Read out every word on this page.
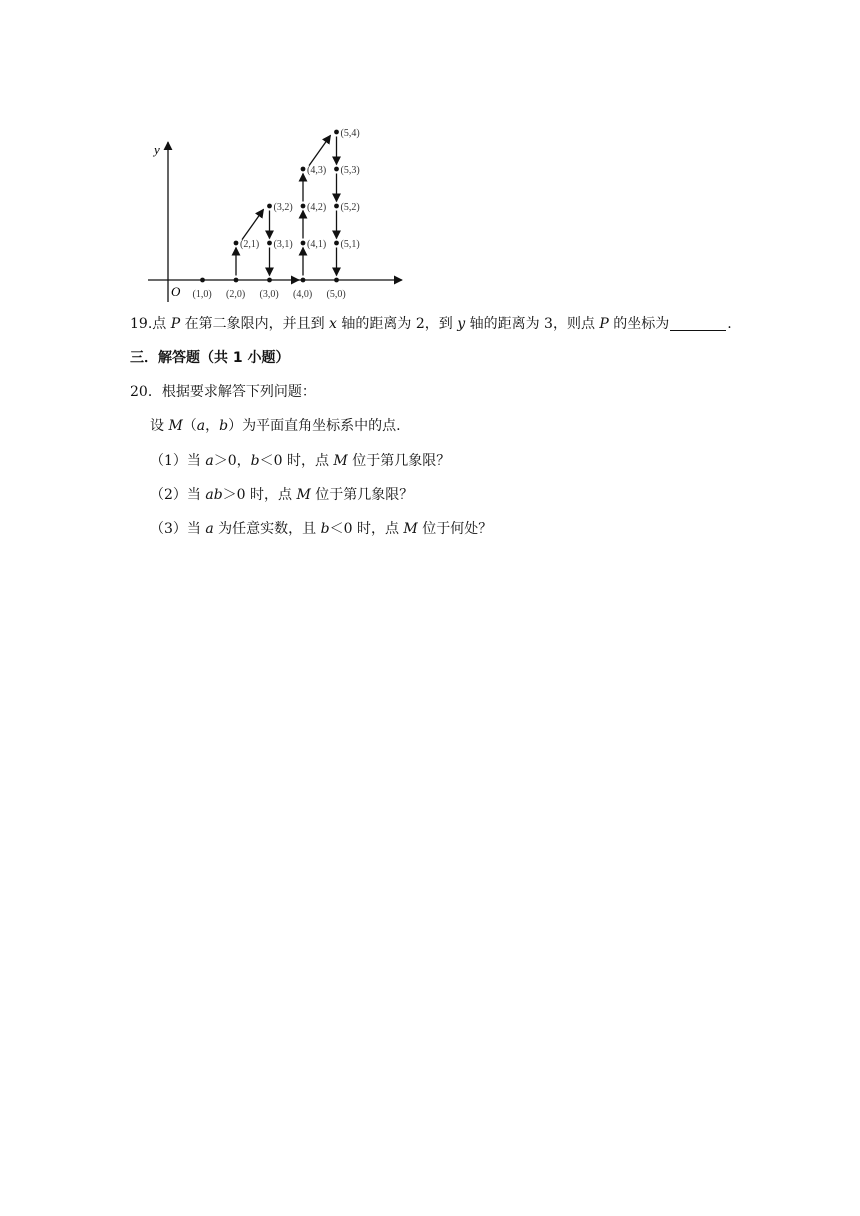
y
O (1,0) (2,0) (3,0) (4,0) (5,0)
(2,1) (3,1) (4,1) (5,1)
(3,2) (4,2) (5,2)
(4,3) (5,3)
(5,4)
19.点 P 在第二象限内，并且到 x 轴的距离为 2，到 y 轴的距离为 3，则点 P 的坐标为	.
三．解答题（共 1 小题）
20．根据要求解答下列问题：
设 M（a，b）为平面直角坐标系中的点.
（1）当 a＞0，b＜0 时，点 M 位于第几象限？
（2）当 ab＞0 时，点 M 位于第几象限？
（3）当 a 为任意实数，且 b＜0 时，点 M 位于何处？
